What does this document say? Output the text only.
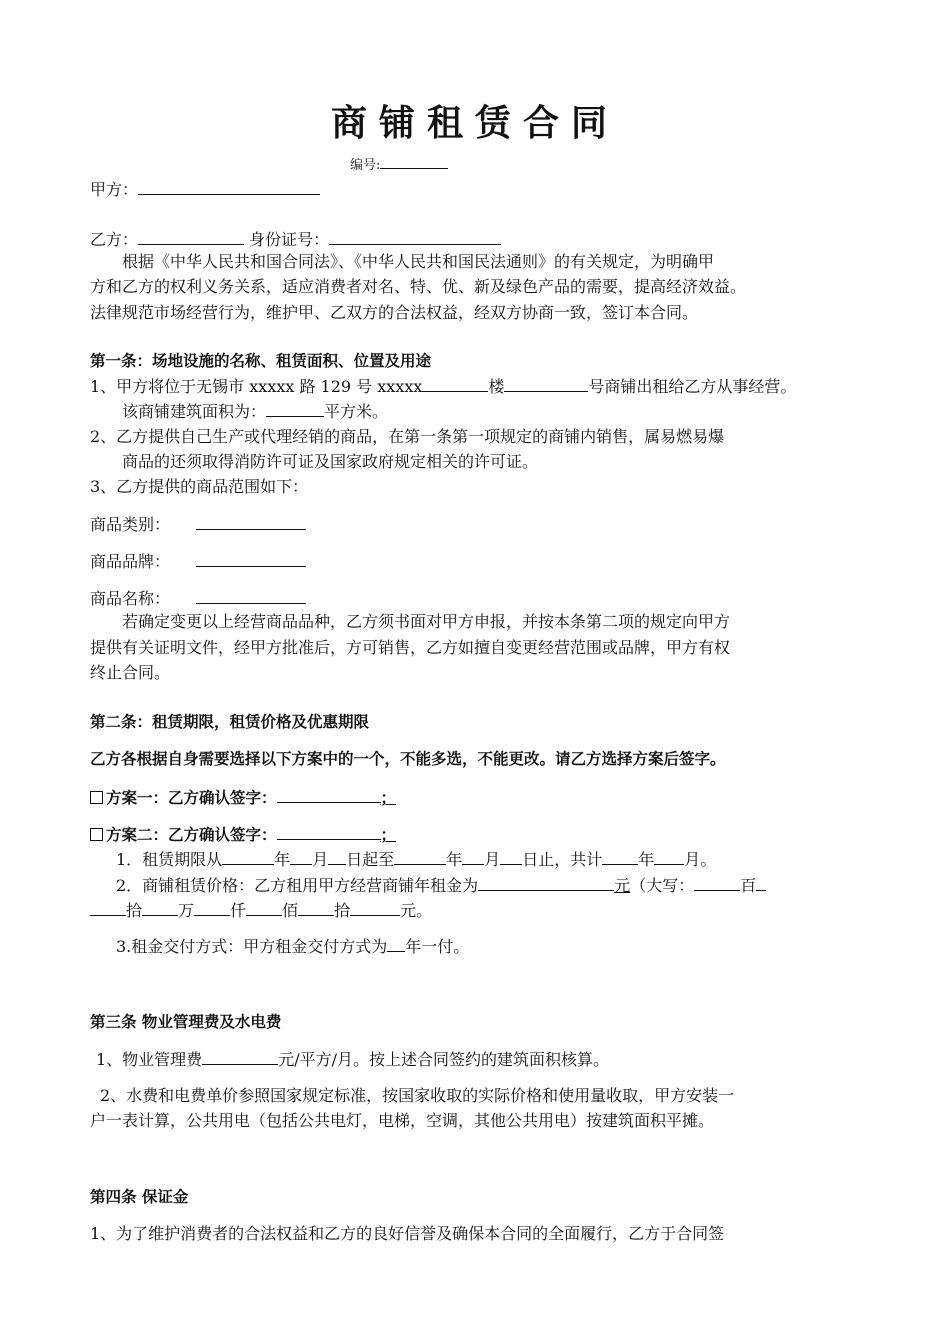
商铺租赁合同
编号:
甲方：
乙方：	身份证号：
根据《中华人民共和国合同法》、《中华人民共和国民法通则》的有关规定，为明确甲
方和乙方的权利义务关系，适应消费者对名、特、优、新及绿色产品的需要，提高经济效益。
法律规范市场经营行为，维护甲、乙双方的合法权益，经双方协商一致，签订本合同。
第一条：场地设施的名称、租赁面积、位置及用途
1、甲方将位于无锡市 xxxxx 路 129 号 xxxxx	楼	号商铺出租给乙方从事经营。
该商铺建筑面积为：	平方米。
2、乙方提供自己生产或代理经销的商品，在第一条第一项规定的商铺内销售，属易燃易爆
商品的还须取得消防许可证及国家政府规定相关的许可证。
3、乙方提供的商品范围如下：
商品类别：
商品品牌：
商品名称：
若确定变更以上经营商品品种，乙方须书面对甲方申报，并按本条第二项的规定向甲方
提供有关证明文件，经甲方批准后，方可销售，乙方如擅自变更经营范围或品牌，甲方有权
终止合同。
第二条：租赁期限，租赁价格及优惠期限
乙方各根据自身需要选择以下方案中的一个，不能多选，不能更改。请乙方选择方案后签字。
方案一：乙方确认签字：	；
方案二：乙方确认签字：	；
1．租赁期限从	年 月 日起至	年 月 日止，共计 年 月。
2．商铺租赁价格：乙方租用甲方经营商铺年租金为	元（大写：	百
拾 万 仟 佰 拾	元。
3.租金交付方式：甲方租金交付方式为 年一付。
第三条 物业管理费及水电费
1、物业管理费	元/平方/月。按上述合同签约的建筑面积核算。
2、水费和电费单价参照国家规定标准，按国家收取的实际价格和使用量收取，甲方安装一
户一表计算，公共用电（包括公共电灯，电梯，空调，其他公共用电）按建筑面积平摊。
第四条 保证金
1、为了维护消费者的合法权益和乙方的良好信誉及确保本合同的全面履行，乙方于合同签
